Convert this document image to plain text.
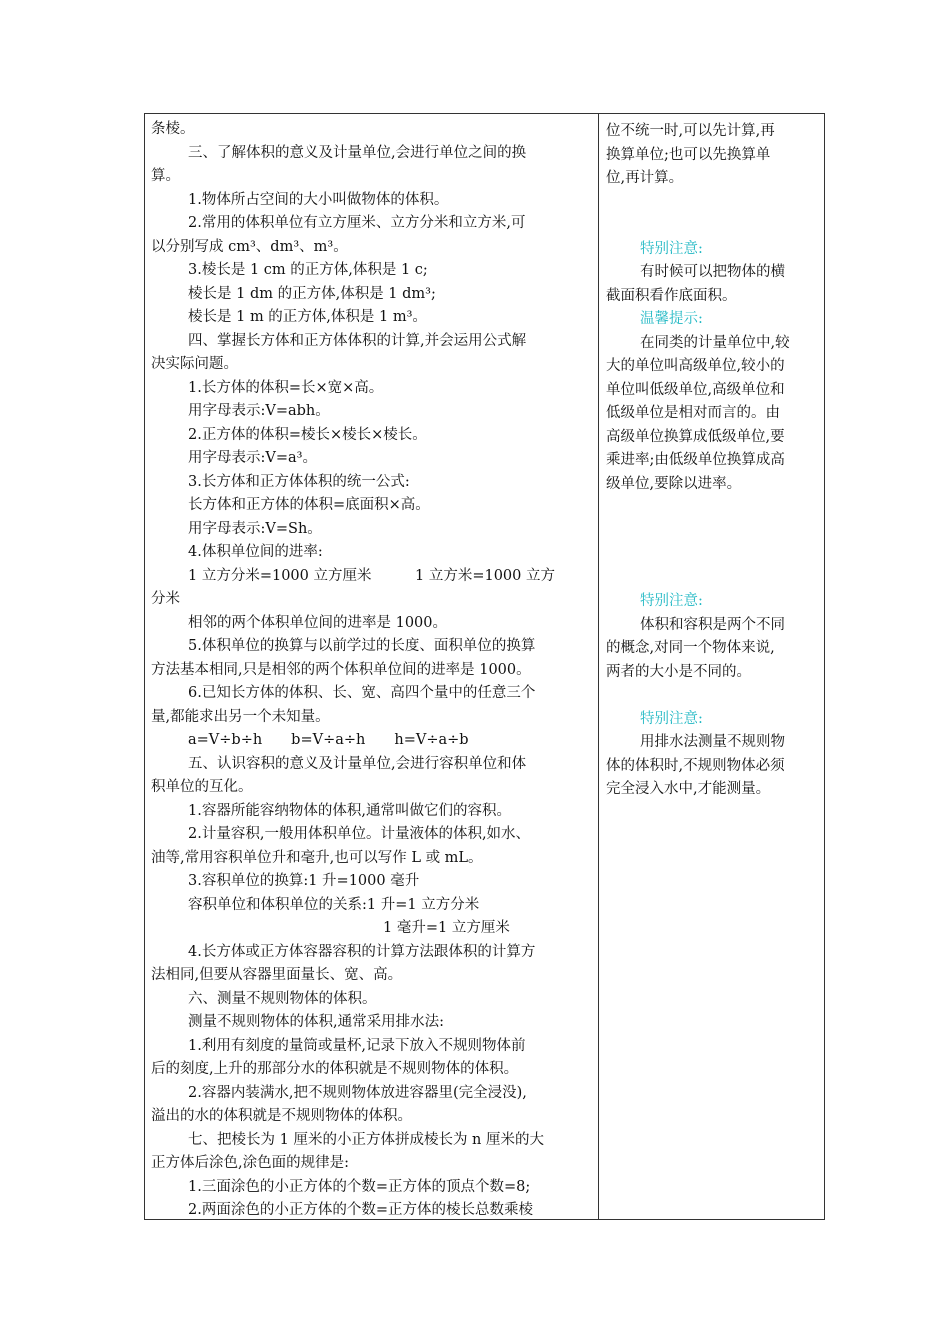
条棱。
三、了解体积的意义及计量单位,会进行单位之间的换
算。
1.物体所占空间的大小叫做物体的体积。
2.常用的体积单位有立方厘米、立方分米和立方米,可
以分别写成 cm³、dm³、m³。
3.棱长是 1 cm 的正方体,体积是 1 c;
棱长是 1 dm 的正方体,体积是 1 dm³;
棱长是 1 m 的正方体,体积是 1 m³。
四、掌握长方体和正方体体积的计算,并会运用公式解
决实际问题。
1.长方体的体积=长×宽×高。
用字母表示:V=abh。
2.正方体的体积=棱长×棱长×棱长。
用字母表示:V=a³。
3.长方体和正方体体积的统一公式:
长方体和正方体的体积=底面积×高。
用字母表示:V=Sh。
4.体积单位间的进率:
1 立方分米=1000 立方厘米　　　1 立方米=1000 立方
分米
相邻的两个体积单位间的进率是 1000。
5.体积单位的换算与以前学过的长度、面积单位的换算
方法基本相同,只是相邻的两个体积单位间的进率是 1000。
6.已知长方体的体积、长、宽、高四个量中的任意三个
量,都能求出另一个未知量。
a=V÷b÷h　　b=V÷a÷h　　h=V÷a÷b
五、认识容积的意义及计量单位,会进行容积单位和体
积单位的互化。
1.容器所能容纳物体的体积,通常叫做它们的容积。
2.计量容积,一般用体积单位。计量液体的体积,如水、
油等,常用容积单位升和毫升,也可以写作 L 或 mL。
3.容积单位的换算:1 升=1000 毫升
容积单位和体积单位的关系:1 升=1 立方分米
1 毫升=1 立方厘米
4.长方体或正方体容器容积的计算方法跟体积的计算方
法相同,但要从容器里面量长、宽、高。
六、测量不规则物体的体积。
测量不规则物体的体积,通常采用排水法:
1.利用有刻度的量筒或量杯,记录下放入不规则物体前
后的刻度,上升的那部分水的体积就是不规则物体的体积。
2.容器内装满水,把不规则物体放进容器里(完全浸没),
溢出的水的体积就是不规则物体的体积。
七、把棱长为 1 厘米的小正方体拼成棱长为 n 厘米的大
正方体后涂色,涂色面的规律是:
1.三面涂色的小正方体的个数=正方体的顶点个数=8;
2.两面涂色的小正方体的个数=正方体的棱长总数乘棱
位不统一时,可以先计算,再
换算单位;也可以先换算单
位,再计算。
特别注意:
有时候可以把物体的横
截面积看作底面积。
温馨提示:
在同类的计量单位中,较
大的单位叫高级单位,较小的
单位叫低级单位,高级单位和
低级单位是相对而言的。由
高级单位换算成低级单位,要
乘进率;由低级单位换算成高
级单位,要除以进率。
特别注意:
体积和容积是两个不同
的概念,对同一个物体来说,
两者的大小是不同的。
特别注意:
用排水法测量不规则物
体的体积时,不规则物体必须
完全浸入水中,才能测量。
